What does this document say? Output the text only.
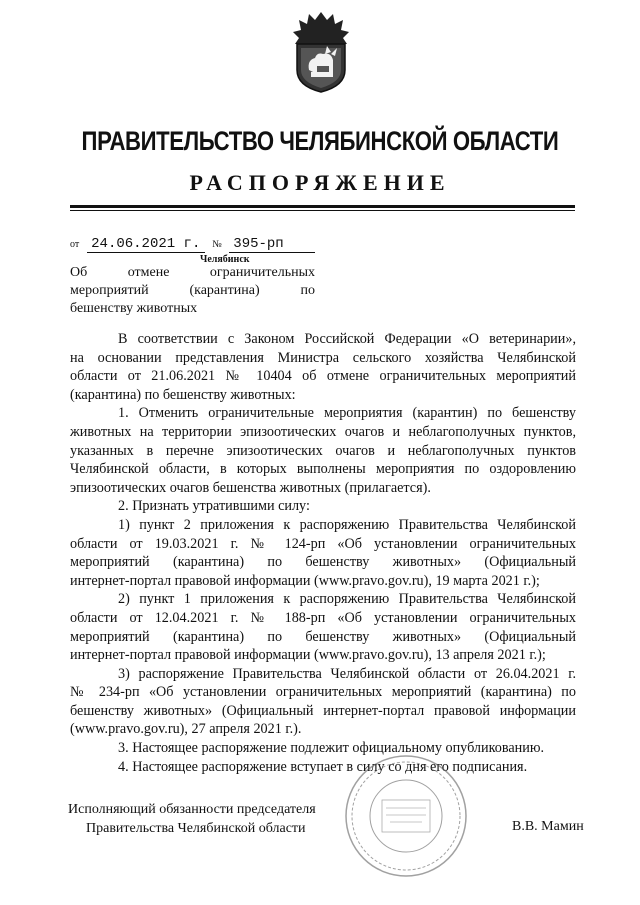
ПРАВИТЕЛЬСТВО ЧЕЛЯБИНСКОЙ ОБЛАСТИ
РАСПОРЯЖЕНИЕ
от 24.06.2021 г. № 395-рп
Челябинск
Об	отмене	ограничительных
мероприятий	(карантина)	по
бешенству животных

В соответствии с Законом Российской Федерации «О ветеринарии»,

на основании представления Министра сельского хозяйства Челябинской

области от 21.06.2021 № 10404 об отмене ограничительных мероприятий

(карантина) по бешенству животных:

1. Отменить ограничительные мероприятия (карантин) по бешенству

животных на территории эпизоотических очагов и неблагополучных пунктов,

указанных в перечне эпизоотических очагов и неблагополучных пунктов

Челябинской области, в которых выполнены мероприятия по оздоровлению

эпизоотических очагов бешенства животных (прилагается).

2. Признать утратившими силу:

1) пункт 2 приложения к распоряжению Правительства Челябинской

области от 19.03.2021 г. № 124-рп «Об установлении ограничительных

мероприятий (карантина) по бешенству животных» (Официальный

интернет-портал правовой информации (www.pravo.gov.ru), 19 марта 2021 г.);

2) пункт 1 приложения к распоряжению Правительства Челябинской

области от 12.04.2021 г. № 188-рп «Об установлении ограничительных

мероприятий (карантина) по бешенству животных» (Официальный

интернет-портал правовой информации (www.pravo.gov.ru), 13 апреля 2021 г.);

3) распоряжение Правительства Челябинской области от 26.04.2021 г.

№ 234-рп «Об установлении ограничительных мероприятий (карантина) по

бешенству животных» (Официальный интернет-портал правовой информации

(www.pravo.gov.ru), 27 апреля 2021 г.).

3. Настоящее распоряжение подлежит официальному опубликованию.

4. Настоящее распоряжение вступает в силу со дня его подписания.

Исполняющий обязанности председателя
Правительства Челябинской области	В.В. Мамин
